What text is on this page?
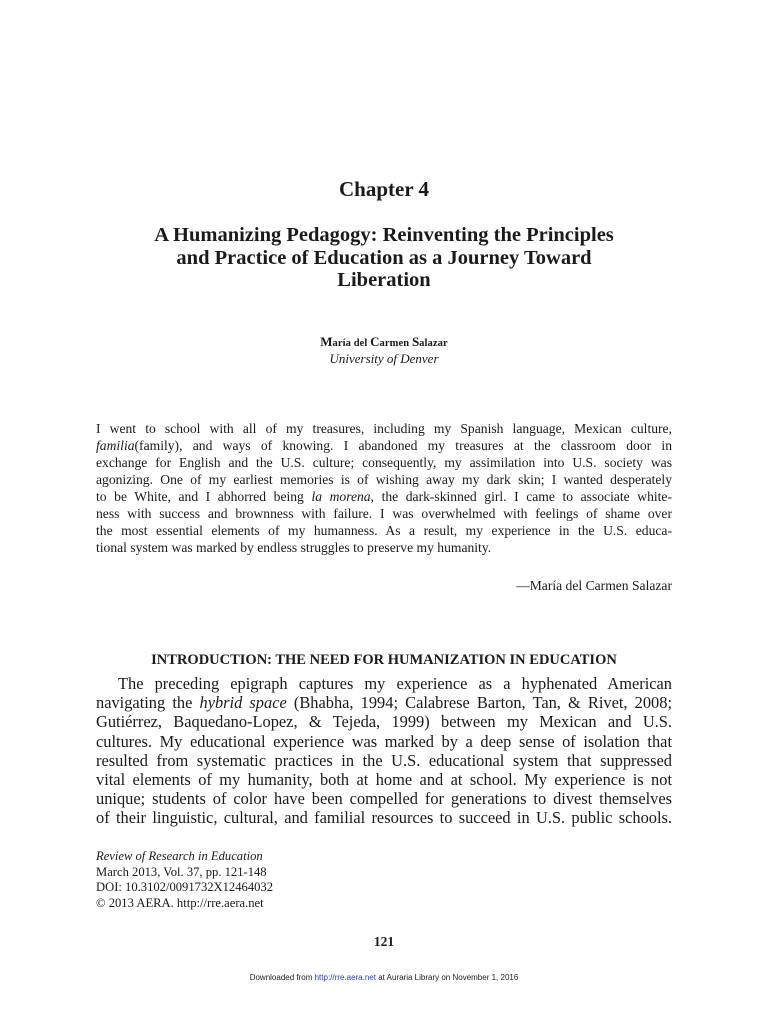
Chapter 4
A Humanizing Pedagogy: Reinventing the Principles
and Practice of Education as a Journey Toward
Liberation
María del Carmen Salazar
University of Denver
I went to school with all of my treasures, including my Spanish language, Mexican culture,
familia(family), and ways of knowing. I abandoned my treasures at the classroom door in
exchange for English and the U.S. culture; consequently, my assimilation into U.S. society was
agonizing. One of my earliest memories is of wishing away my dark skin; I wanted desperately
to be White, and I abhorred being la morena, the dark-skinned girl. I came to associate white-
ness with success and brownness with failure. I was overwhelmed with feelings of shame over
the most essential elements of my humanness. As a result, my experience in the U.S. educa-
tional system was marked by endless struggles to preserve my humanity.
—María del Carmen Salazar
INTRODUCTION: THE NEED FOR HUMANIZATION IN EDUCATION
The preceding epigraph captures my experience as a hyphenated American
navigating the hybrid space (Bhabha, 1994; Calabrese Barton, Tan, & Rivet, 2008;
Gutiérrez, Baquedano-Lopez, & Tejeda, 1999) between my Mexican and U.S.
cultures. My educational experience was marked by a deep sense of isolation that
resulted from systematic practices in the U.S. educational system that suppressed
vital elements of my humanity, both at home and at school. My experience is not
unique; students of color have been compelled for generations to divest themselves
of their linguistic, cultural, and familial resources to succeed in U.S. public schools.
Review of Research in Education
March 2013, Vol. 37, pp. 121-148
DOI: 10.3102/0091732X12464032
© 2013 AERA. http://rre.aera.net
121
Downloaded from http://rre.aera.net at Auraria Library on November 1, 2016
